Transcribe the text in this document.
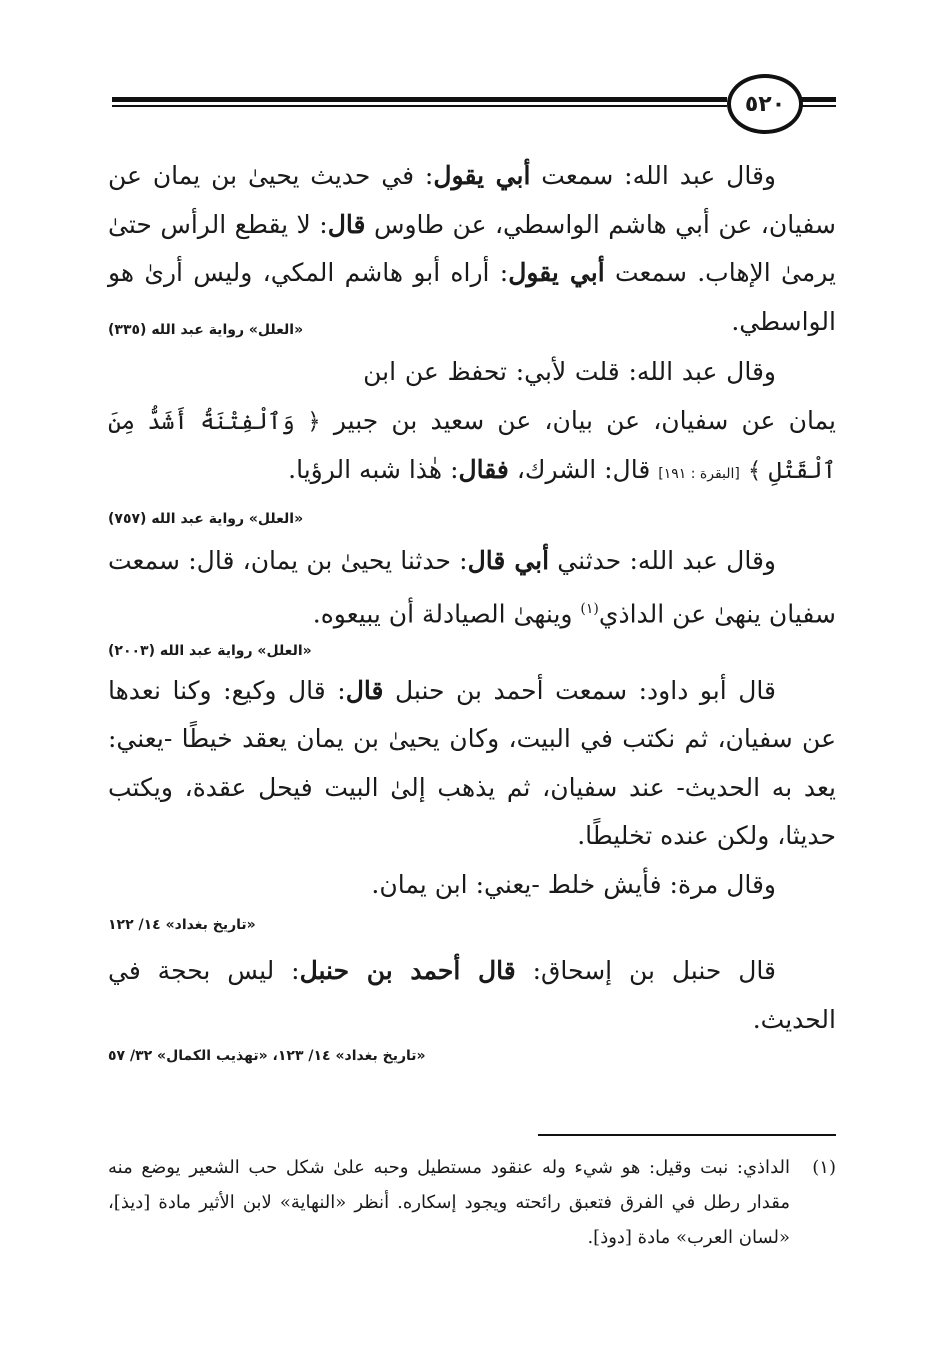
٥٢٠

وقال عبد الله: سمعت أبي يقول: في حديث يحيىٰ بن يمان عن سفيان، عن أبي هاشم الواسطي، عن طاوس قال: لا يقطع الرأس حتىٰ يرمىٰ الإهاب. سمعت أبي يقول: أراه أبو هاشم المكي، وليس أرىٰ هو الواسطي.
«العلل» رواية عبد الله (٣٣٥)

وقال عبد الله: قلت لأبي: تحفظ عن ابن يمان عن سفيان، عن بيان، عن سعيد بن جبير ﴿ وَٱلْفِتْنَةُ أَشَدُّ مِنَ ٱلْقَتْلِ ﴾ [البقرة : ١٩١] قال: الشرك، فقال: هٰذا شبه الرؤيا.

«العلل» رواية عبد الله (٧٥٧)

وقال عبد الله: حدثني أبي قال: حدثنا يحيىٰ بن يمان، قال: سمعت سفيان ينهىٰ عن الداذي$^{(١)}$ وينهىٰ الصيادلة أن يبيعوه.

«العلل» رواية عبد الله (٢٠٠٣)

قال أبو داود: سمعت أحمد بن حنبل قال: قال وكيع: وكنا نعدها عن سفيان، ثم نكتب في البيت، وكان يحيىٰ بن يمان يعقد خيطًا -يعني: يعد به الحديث- عند سفيان، ثم يذهب إلىٰ البيت فيحل عقدة، ويكتب حديثا، ولكن عنده تخليطًا.

وقال مرة: فأيش خلط -يعني: ابن يمان.

«تاريخ بغداد» ١٤/ ١٢٢

قال حنبل بن إسحاق: قال أحمد بن حنبل: ليس بحجة في الحديث.

«تاريخ بغداد» ١٤/ ١٢٣، «تهذيب الكمال» ٣٢/ ٥٧

(١)
الداذي: نبت وقيل: هو شيء وله عنقود مستطيل وحبه علىٰ شكل حب الشعير يوضع منه مقدار رطل في الفرق فتعبق رائحته ويجود إسكاره. أنظر «النهاية» لابن الأثير مادة [ديذ]، «لسان العرب» مادة [دوذ].
